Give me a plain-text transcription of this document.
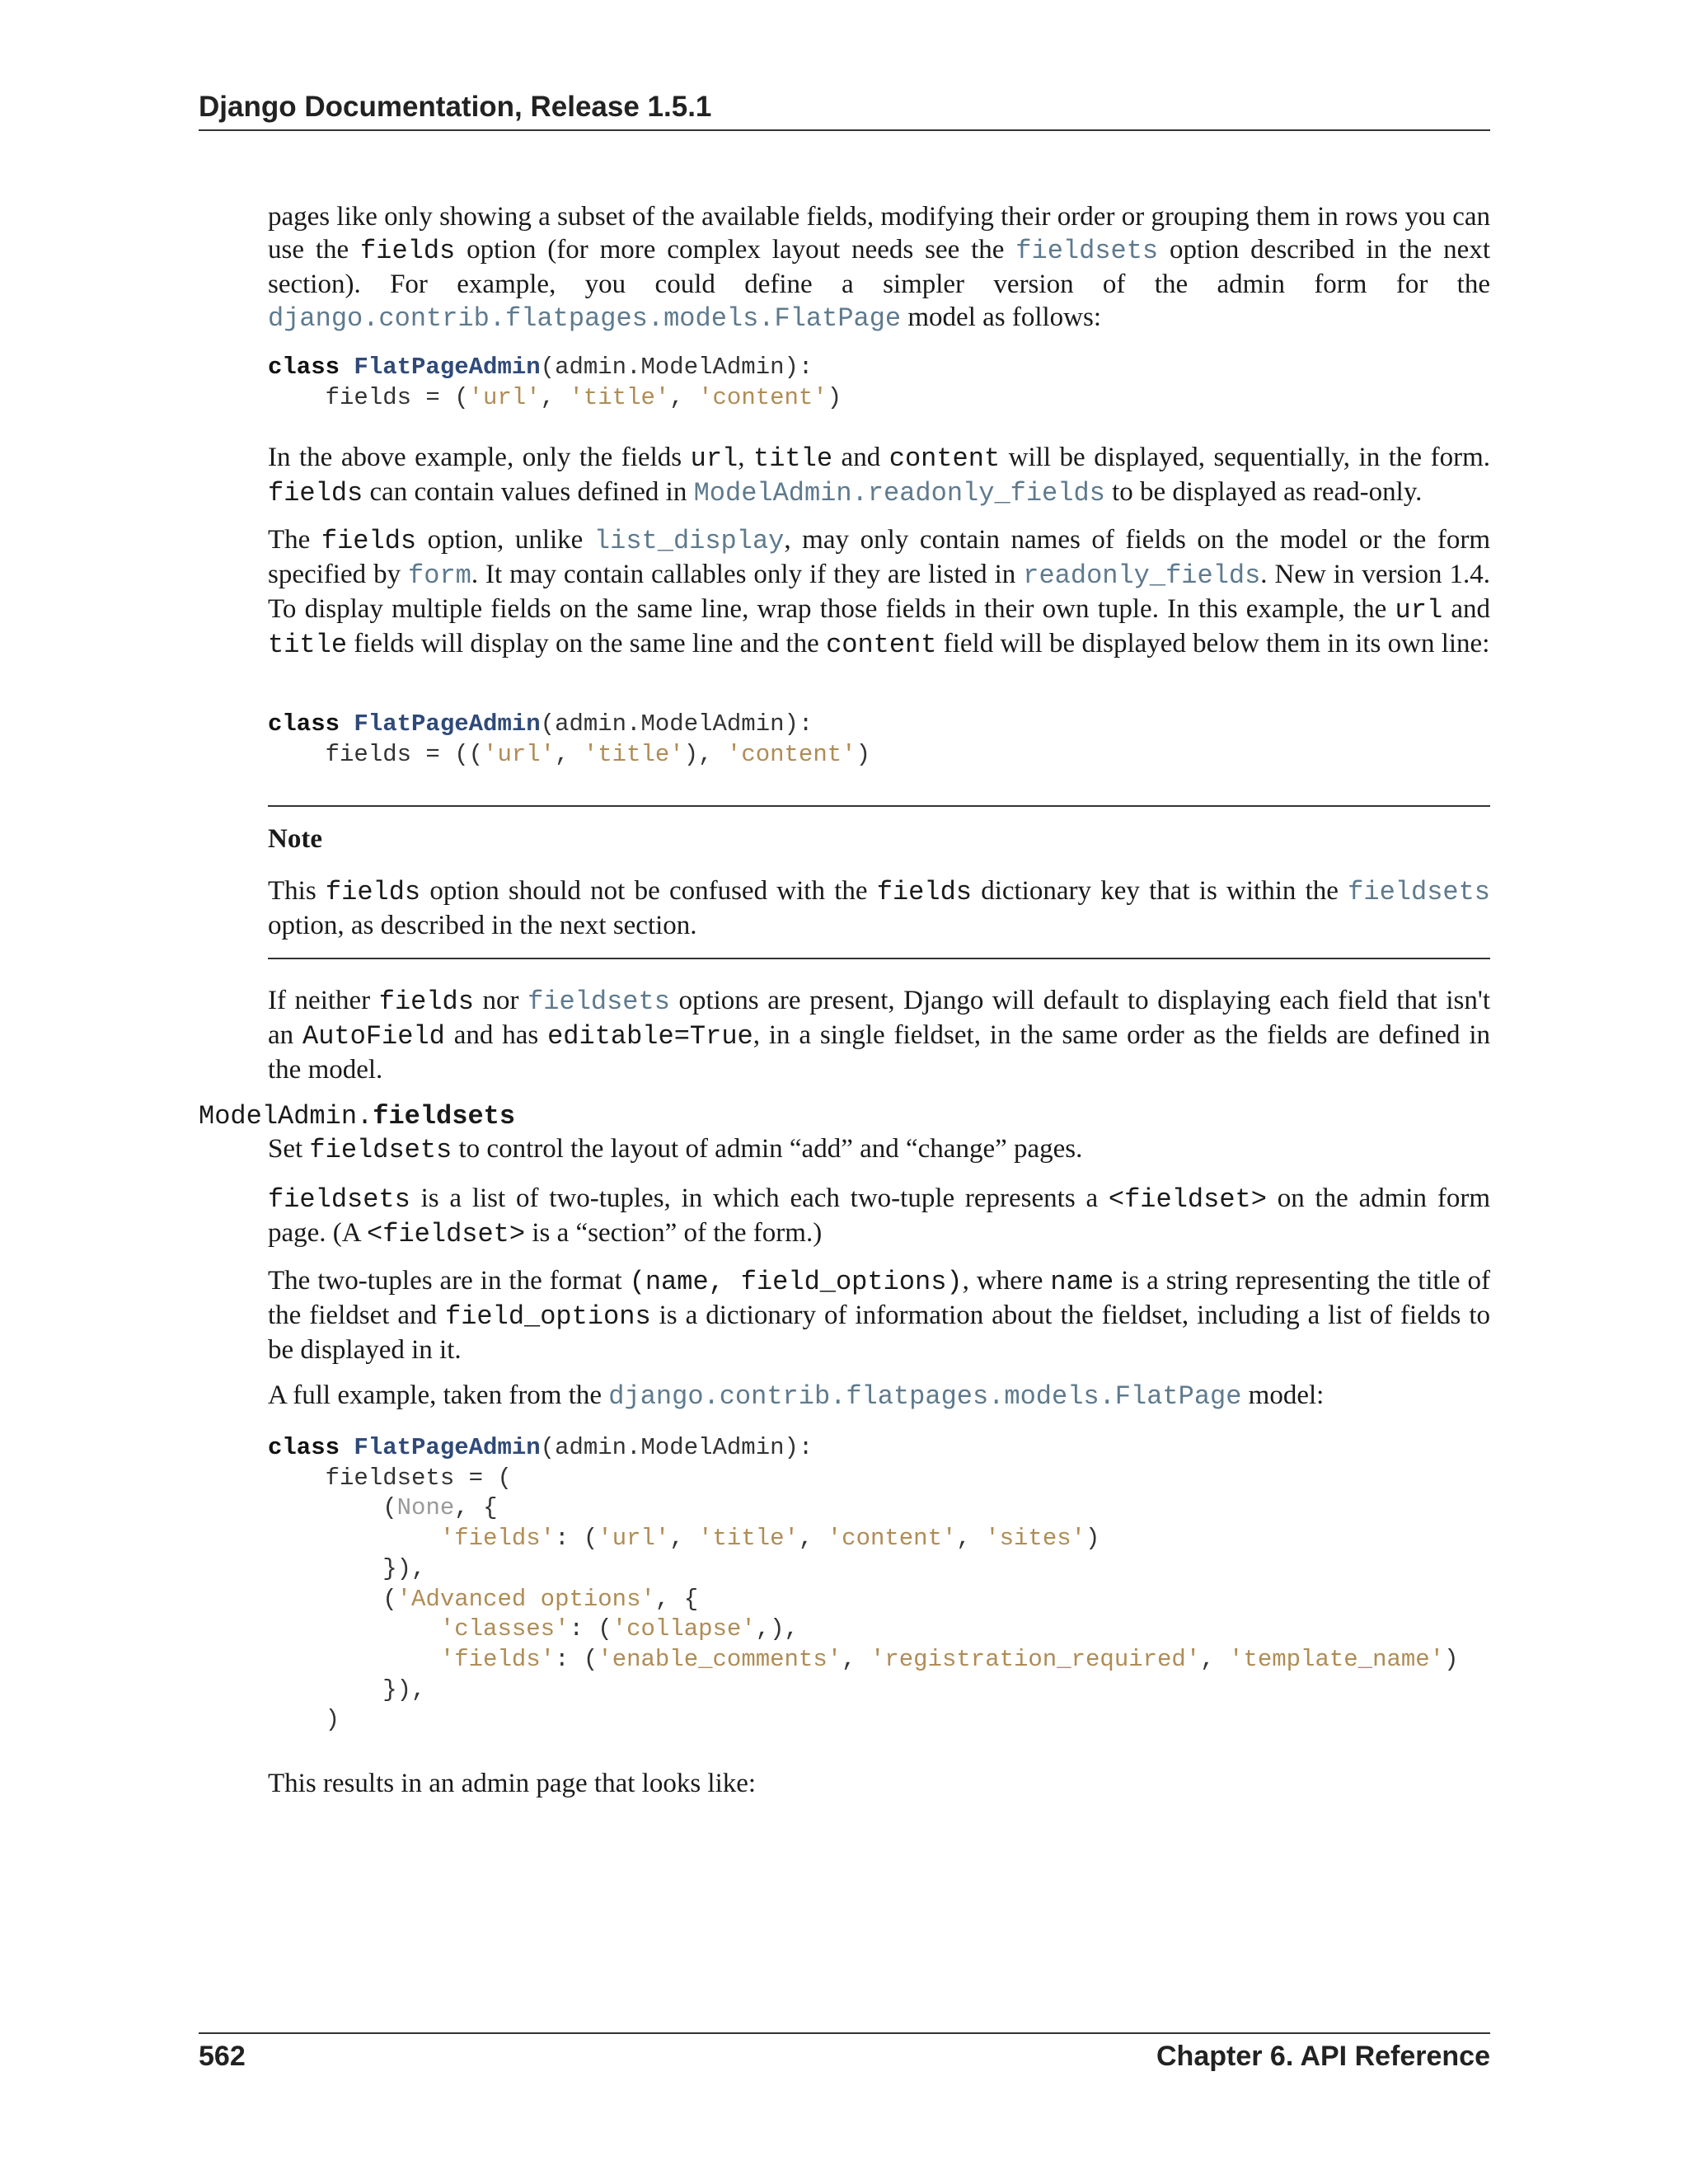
Django Documentation, Release 1.5.1

pages like only showing a subset of the available fields, modifying their order or grouping them in rows you can use the fields option (for more complex layout needs see the fieldsets option described in the next section). For example, you could define a simpler version of the admin form for the django.contrib.flatpages.models.FlatPage model as follows:

class FlatPageAdmin(admin.ModelAdmin):
fields = ('url', 'title', 'content')

In the above example, only the fields url, title and content will be displayed, sequentially, in the form. fields can contain values defined in ModelAdmin.readonly_fields to be displayed as read-only.

The fields option, unlike list_display, may only contain names of fields on the model or the form specified by form. It may contain callables only if they are listed in readonly_fields. New in version 1.4. To display multiple fields on the same line, wrap those fields in their own tuple. In this example, the url and title fields will display on the same line and the content field will be displayed below them in its own line:

class FlatPageAdmin(admin.ModelAdmin):
fields = (('url', 'title'), 'content')
Note

This fields option should not be confused with the fields dictionary key that is within the fieldsets option, as described in the next section.

If neither fields nor fieldsets options are present, Django will default to displaying each field that isn't an AutoField and has editable=True, in a single fieldset, in the same order as the fields are defined in the model.

ModelAdmin.fieldsets

Set fieldsets to control the layout of admin “add” and “change” pages.

fieldsets is a list of two-tuples, in which each two-tuple represents a <fieldset> on the admin form page. (A <fieldset> is a “section” of the form.)

The two-tuples are in the format (name, field_options), where name is a string representing the title of the fieldset and field_options is a dictionary of information about the fieldset, including a list of fields to be displayed in it.

A full example, taken from the django.contrib.flatpages.models.FlatPage model:

class FlatPageAdmin(admin.ModelAdmin):
fieldsets = (
(None, {
'fields': ('url', 'title', 'content', 'sites')
}),
('Advanced options', {
'classes': ('collapse',),
'fields': ('enable_comments', 'registration_required', 'template_name')
}),
)

This results in an admin page that looks like:

562	Chapter 6. API Reference
